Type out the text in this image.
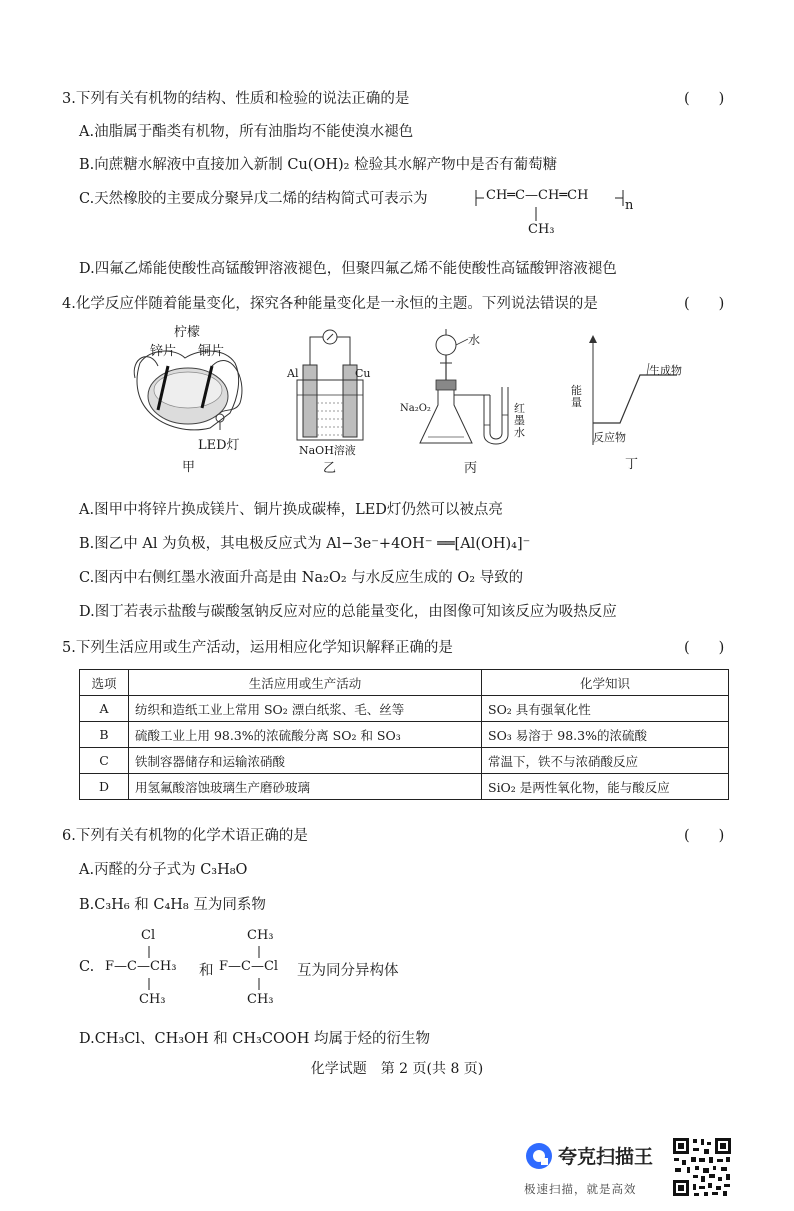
3.下列有关有机物的结构、性质和检验的说法正确的是	(　　)
A.油脂属于酯类有机物，所有油脂均不能使溴水褪色
B.向蔗糖水解液中直接加入新制 Cu(OH)₂ 检验其水解产物中是否有葡萄糖
C.天然橡胶的主要成分聚异戊二烯的结构简式可表示为	CH═C—CH═CH
n
CH₃
D.四氟乙烯能使酸性高锰酸钾溶液褪色，但聚四氟乙烯不能使酸性高锰酸钾溶液褪色
4.化学反应伴随着能量变化，探究各种能量变化是一永恒的主题。下列说法错误的是	(　　)
柠檬
锌片 铜片
LED灯
甲
Al	Cu
NaOH溶液
乙
水
Na₂O₂	红墨水
丙
能量
生成物
反应物
丁
A.图甲中将锌片换成镁片、铜片换成碳棒，LED灯仍然可以被点亮
B.图乙中 Al 为负极，其电极反应式为 Al−3e⁻+4OH⁻ ══[Al(OH)₄]⁻
C.图丙中右侧红墨水液面升高是由 Na₂O₂ 与水反应生成的 O₂ 导致的
D.图丁若表示盐酸与碳酸氢钠反应对应的总能量变化，由图像可知该反应为吸热反应
5.下列生活应用或生产活动，运用相应化学知识解释正确的是	(　　)
选项	生活应用或生产活动	化学知识
A	纺织和造纸工业上常用 SO₂ 漂白纸浆、毛、丝等	SO₂ 具有强氧化性
B	硫酸工业上用 98.3%的浓硫酸分离 SO₂ 和 SO₃	SO₃ 易溶于 98.3%的浓硫酸
C	铁制容器储存和运输浓硝酸	常温下，铁不与浓硝酸反应
D	用氢氟酸溶蚀玻璃生产磨砂玻璃	SiO₂ 是两性氧化物，能与酸反应
6.下列有关有机物的化学术语正确的是	(　　)
A.丙醛的分子式为 C₃H₈O
B.C₃H₆ 和 C₄H₈ 互为同系物
C.
Cl
F—C—CH₃
CH₃
和
CH₃
F—C—Cl
CH₃
互为同分异构体
D.CH₃Cl、CH₃OH 和 CH₃COOH 均属于烃的衍生物
化学试题　第 2 页(共 8 页)
夸克扫描王
极速扫描，就是高效
